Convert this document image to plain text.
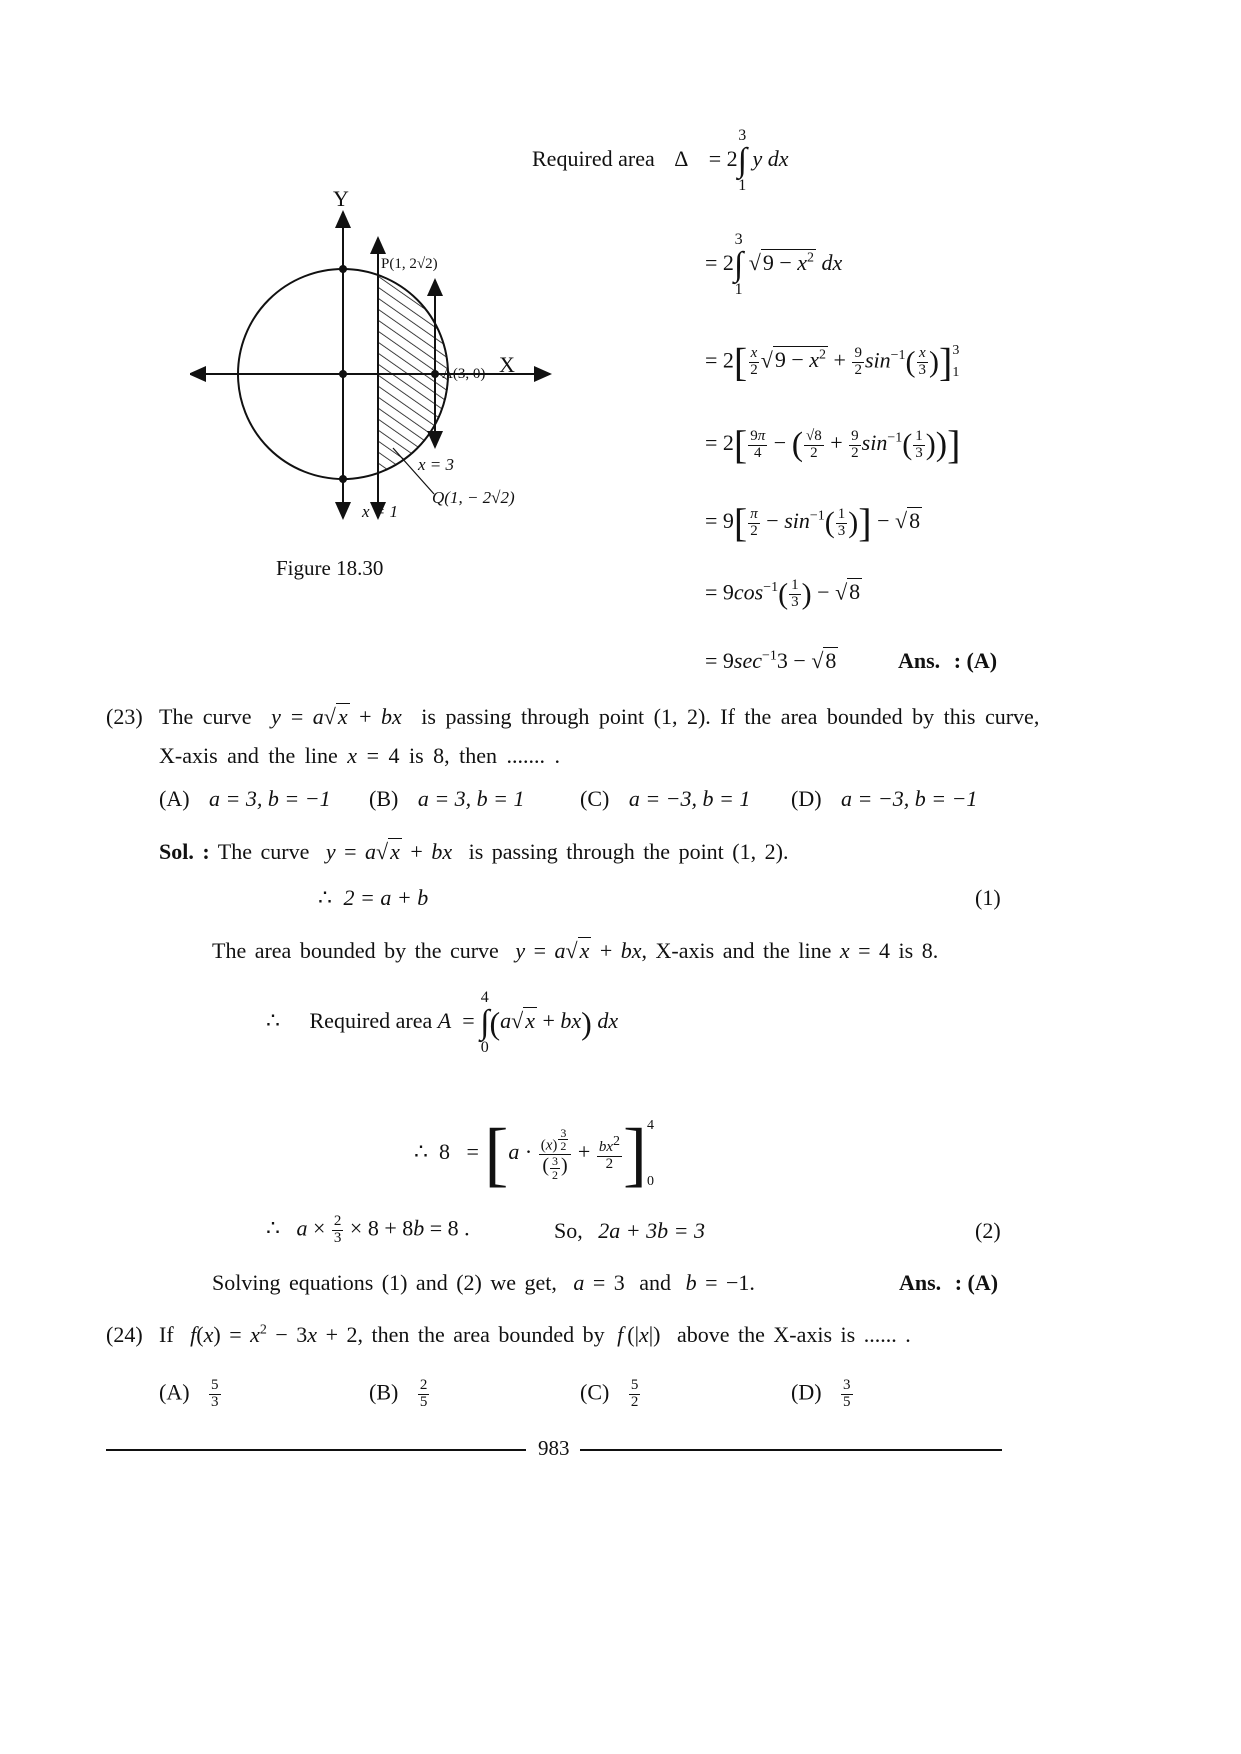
Y
X
P(1, 2√2)
A(3, 0)
x = 3
Q(1, − 2√2)
x = 1
Figure 18.30
Required area Δ = 2
3
∫
1
y dx
= 2
3
∫
1
$√9 - x^2$ dx
= $2[ \frac{x}{2} √9 - x^2 + \frac{9}{2} \sin^{-1}( \frac{x}{3}$ )] 3
1
= $2[ \frac{9\pi}{4}$ − ( $\frac{√8}{2} + \frac{9}{2} \sin^{-1}( \frac{1}{3}$ ))]
= $9[ \frac{\pi}{2} - \sin^{-1}( \frac{1}{3}$ )] − √8
= $9\cos^{-1}( \frac{1}{3}$ ) − √8
= $9\sec^{-1}3 - √8$	Ans. : (A)
(23) The curve y = a√x + bx is passing through point (1, 2). If the area bounded by this curve,
X-axis and the line x = 4 is 8, then ....... .
(A) a = 3, b = −1 (B) a = 3, b = 1	(C) a = −3, b = 1 (D) a = −3, b = −1
Sol. : The curve y = a√x + bx is passing through the point (1, 2).
∴ 2 = a + b	(1)
The area bounded by the curve y = a√x + bx, X-axis and the line x = 4 is 8.
∴ Required area A  =
4
∫
0
(a√x + bx) dx
∴  8   = [a · (x) $^{\frac{3}{2}}$
( $\frac{3}{2}$ ) + $\frac{bx^2}{2}$ ] 4
0
∴   $a \times \frac{2}{3} \times 8 + 8b = 8$ .	So, 2a + 3b = 3	(2)
Solving equations (1) and (2) we get, a = 3 and b = −1.	Ans. : (A)
(24) If $f(x) = x^2 - 3x + 2$, then the area bounded by f (|x|) above the X-axis is ...... .
$(A) \frac{5}{3}$	$(B) \frac{2}{5}$	$(C) \frac{5}{2}$	$(D) \frac{3}{5}$
983
